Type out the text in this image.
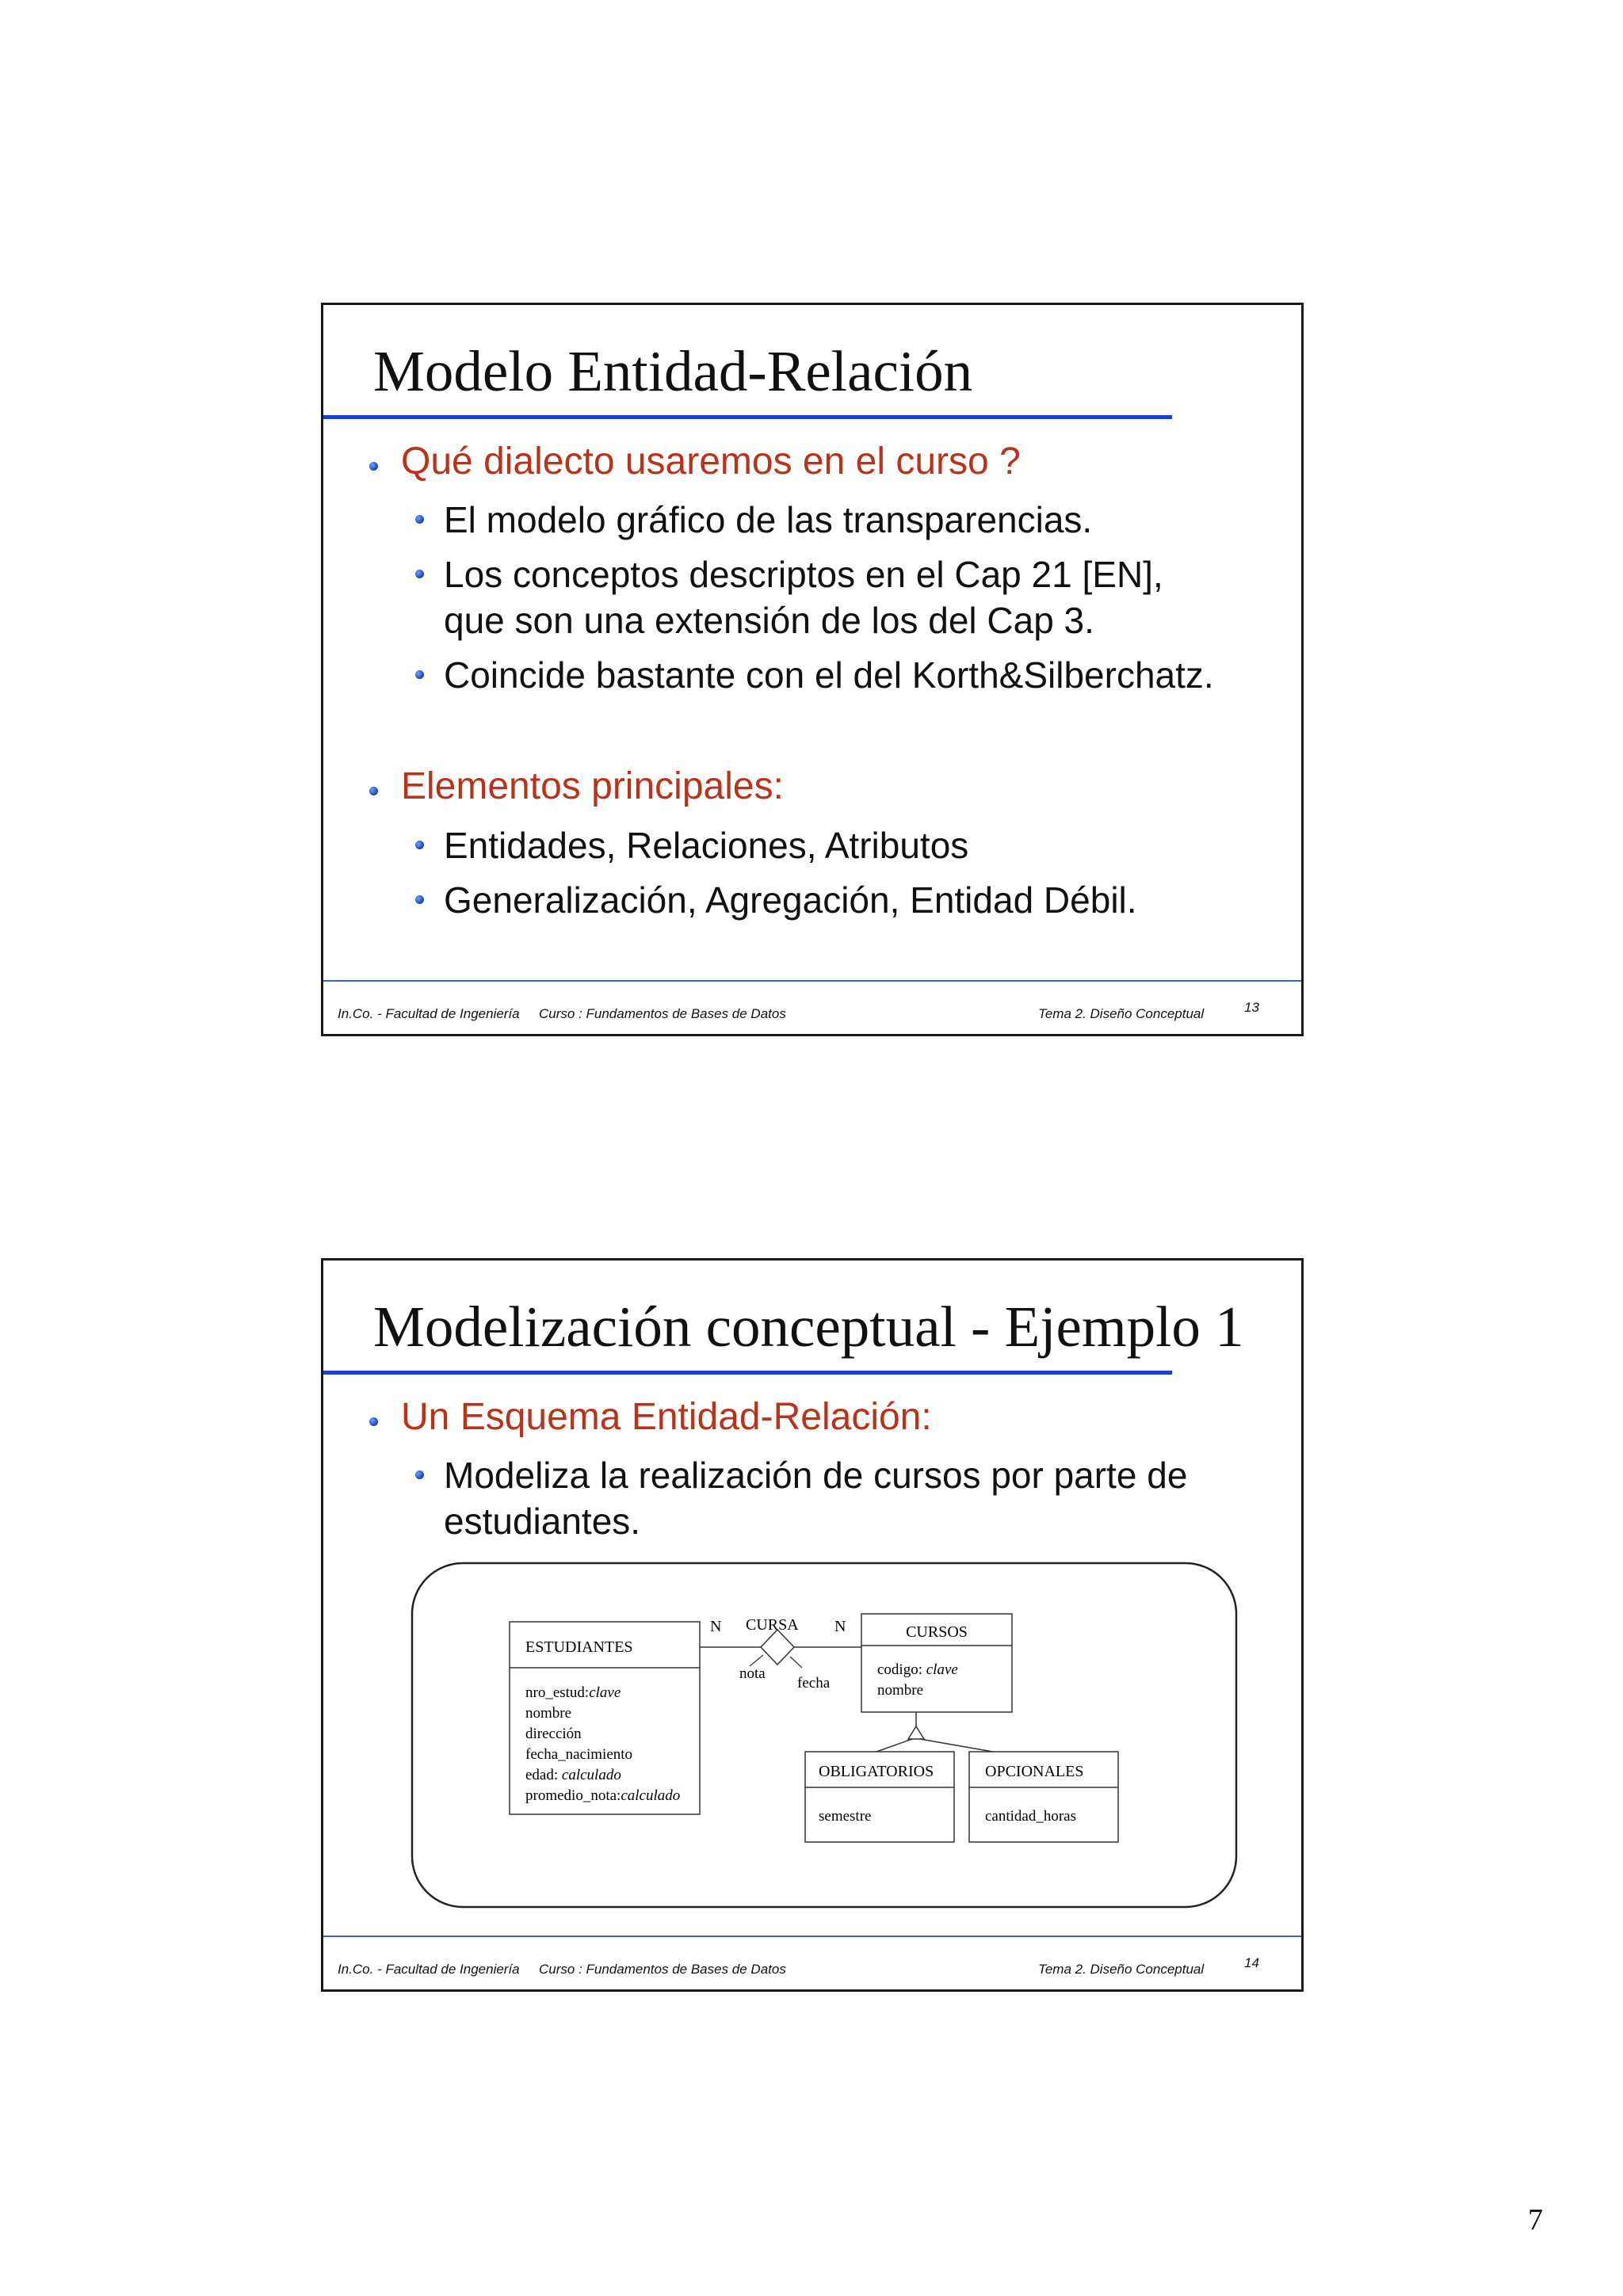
Modelo Entidad-Relación
Qué dialecto usaremos en el curso ?
El modelo gráfico de las transparencias.
Los conceptos descriptos en el Cap 21 [EN],
que son una extensión de los del Cap 3.
Coincide bastante con el del Korth&Silberchatz.
Elementos principales:
Entidades, Relaciones, Atributos
Generalización, Agregación, Entidad Débil.
In.Co. - Facultad de Ingeniería Curso : Fundamentos de Bases de Datos	Tema 2. Diseño Conceptual	13
Modelización conceptual - Ejemplo 1
Un Esquema Entidad-Relación:
Modeliza la realización de cursos por parte de
estudiantes.
ESTUDIANTES
nro_estud:clave
nombre
dirección
fecha_nacimiento
edad: calculado
promedio_nota:calculado
CURSA
N	N
nota
fecha
CURSOS
codigo: clave
nombre
OBLIGATORIOS
semestre
OPCIONALES
cantidad_horas
In.Co. - Facultad de Ingeniería Curso : Fundamentos de Bases de Datos	Tema 2. Diseño Conceptual	14
7
